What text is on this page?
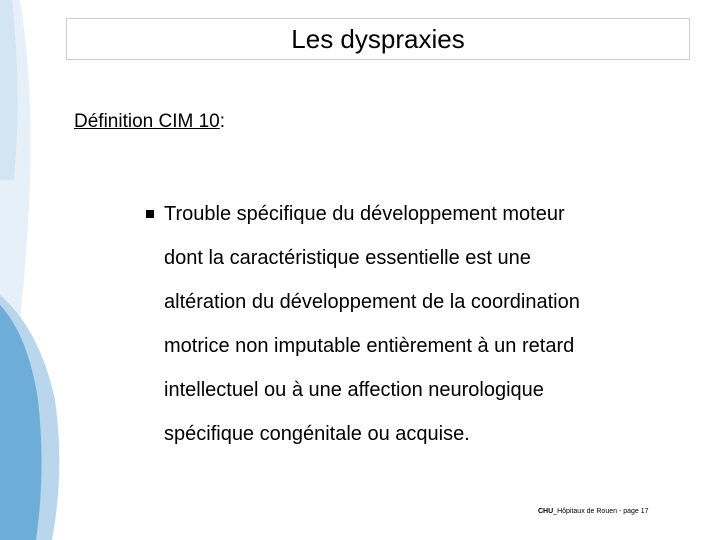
Les dyspraxies
Définition CIM 10:
Trouble spécifique du développement moteur
dont la caractéristique essentielle est une
altération du développement de la coordination
motrice non imputable entièrement à un retard
intellectuel ou à une affection neurologique
spécifique congénitale ou acquise.
CHU_Hôpitaux de Rouen - page 17
